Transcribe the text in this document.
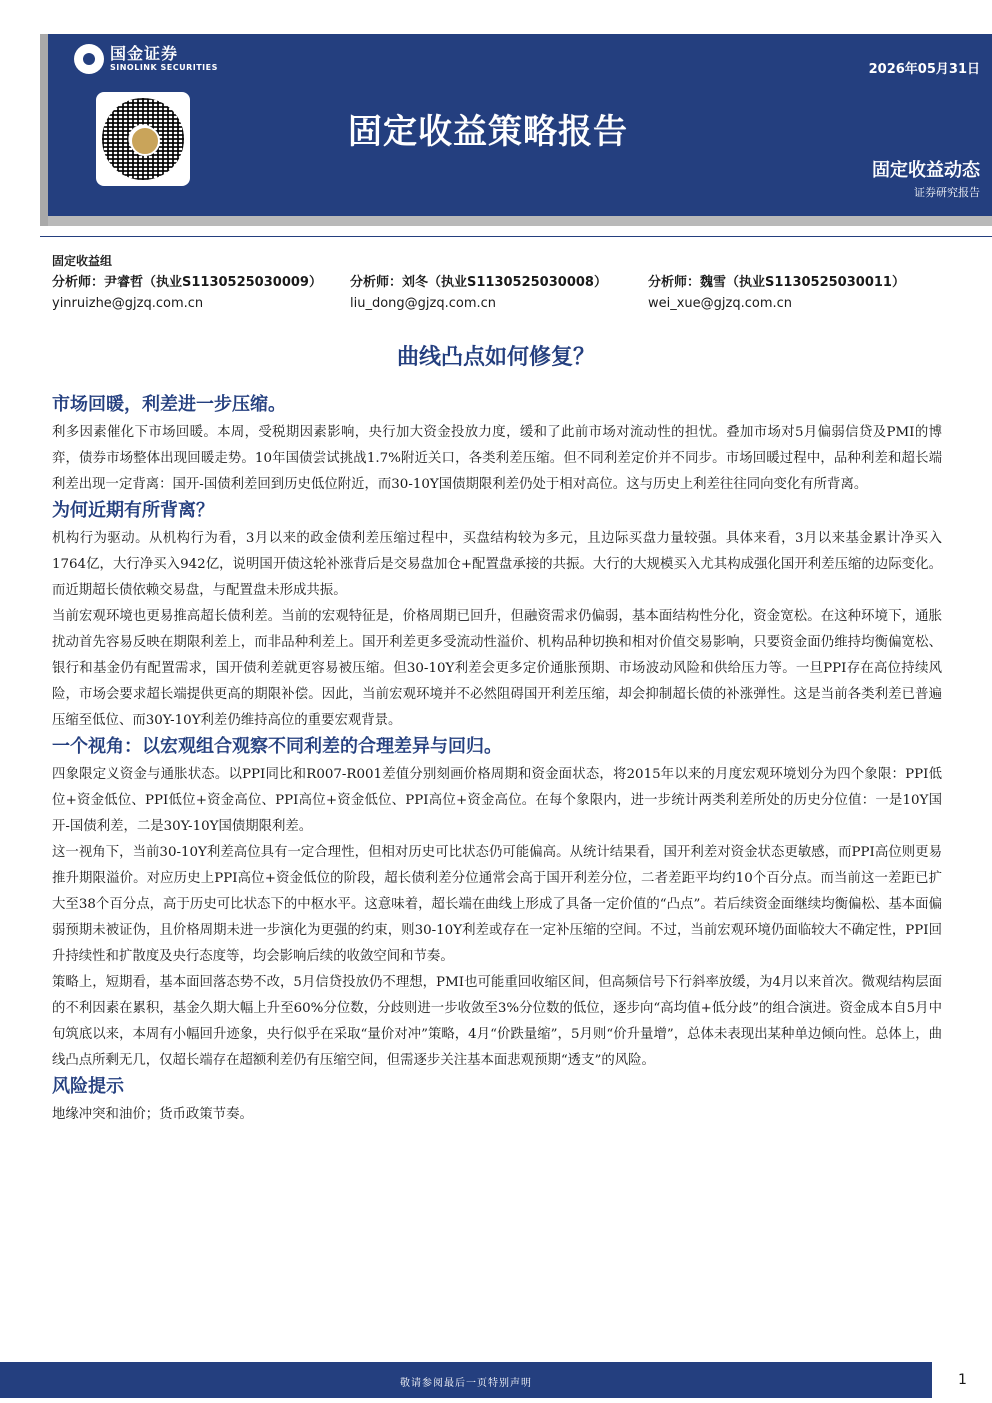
国金证券
SINOLINK SECURITIES	2026年05月31日
固定收益策略报告
固定收益动态
证券研究报告
固定收益组
分析师：尹睿哲（执业S1130525030009）
yinruizhe@gjzq.com.cn
分析师：刘冬（执业S1130525030008）
liu_dong@gjzq.com.cn
分析师：魏雪（执业S1130525030011）
wei_xue@gjzq.com.cn
曲线凸点如何修复？
市场回暖，利差进一步压缩。

利多因素催化下市场回暖。本周，受税期因素影响，央行加大资金投放力度，缓和了此前市场对流动性的担忧。叠加市场对5月偏弱信贷及PMI的博弈，债券市场整体出现回暖走势。10年国债尝试挑战1.7%附近关口，各类利差压缩。但不同利差定价并不同步。市场回暖过程中，品种利差和超长端利差出现一定背离：国开-国债利差回到历史低位附近，而30-10Y国债期限利差仍处于相对高位。这与历史上利差往往同向变化有所背离。

为何近期有所背离？

机构行为驱动。从机构行为看，3月以来的政金债利差压缩过程中，买盘结构较为多元，且边际买盘力量较强。具体来看，3月以来基金累计净买入1764亿，大行净买入942亿，说明国开债这轮补涨背后是交易盘加仓+配置盘承接的共振。大行的大规模买入尤其构成强化国开利差压缩的边际变化。而近期超长债依赖交易盘，与配置盘未形成共振。

当前宏观环境也更易推高超长债利差。当前的宏观特征是，价格周期已回升，但融资需求仍偏弱，基本面结构性分化，资金宽松。在这种环境下，通胀扰动首先容易反映在期限利差上，而非品种利差上。国开利差更多受流动性溢价、机构品种切换和相对价值交易影响，只要资金面仍维持均衡偏宽松、银行和基金仍有配置需求，国开债利差就更容易被压缩。但30-10Y利差会更多定价通胀预期、市场波动风险和供给压力等。一旦PPI存在高位持续风险，市场会要求超长端提供更高的期限补偿。因此，当前宏观环境并不必然阻碍国开利差压缩，却会抑制超长债的补涨弹性。这是当前各类利差已普遍压缩至低位、而30Y-10Y利差仍维持高位的重要宏观背景。

一个视角：以宏观组合观察不同利差的合理差异与回归。

四象限定义资金与通胀状态。以PPI同比和R007-R001差值分别刻画价格周期和资金面状态，将2015年以来的月度宏观环境划分为四个象限：PPI低位+资金低位、PPI低位+资金高位、PPI高位+资金低位、PPI高位+资金高位。在每个象限内，进一步统计两类利差所处的历史分位值：一是10Y国开-国债利差，二是30Y-10Y国债期限利差。

这一视角下，当前30-10Y利差高位具有一定合理性，但相对历史可比状态仍可能偏高。从统计结果看，国开利差对资金状态更敏感，而PPI高位则更易推升期限溢价。对应历史上PPI高位+资金低位的阶段，超长债利差分位通常会高于国开利差分位，二者差距平均约10个百分点。而当前这一差距已扩大至38个百分点，高于历史可比状态下的中枢水平。这意味着，超长端在曲线上形成了具备一定价值的“凸点”。若后续资金面继续均衡偏松、基本面偏弱预期未被证伪，且价格周期未进一步演化为更强的约束，则30-10Y利差或存在一定补压缩的空间。不过，当前宏观环境仍面临较大不确定性，PPI回升持续性和扩散度及央行态度等，均会影响后续的收敛空间和节奏。

策略上，短期看，基本面回落态势不改，5月信贷投放仍不理想，PMI也可能重回收缩区间，但高频信号下行斜率放缓，为4月以来首次。微观结构层面的不利因素在累积，基金久期大幅上升至60%分位数，分歧则进一步收敛至3%分位数的低位，逐步向“高均值+低分歧”的组合演进。资金成本自5月中旬筑底以来，本周有小幅回升迹象，央行似乎在采取“量价对冲”策略，4月“价跌量缩”，5月则“价升量增”，总体未表现出某种单边倾向性。总体上，曲线凸点所剩无几，仅超长端存在超额利差仍有压缩空间，但需逐步关注基本面悲观预期“透支”的风险。

风险提示

地缘冲突和油价；货币政策节奏。

敬请参阅最后一页特别声明	1
